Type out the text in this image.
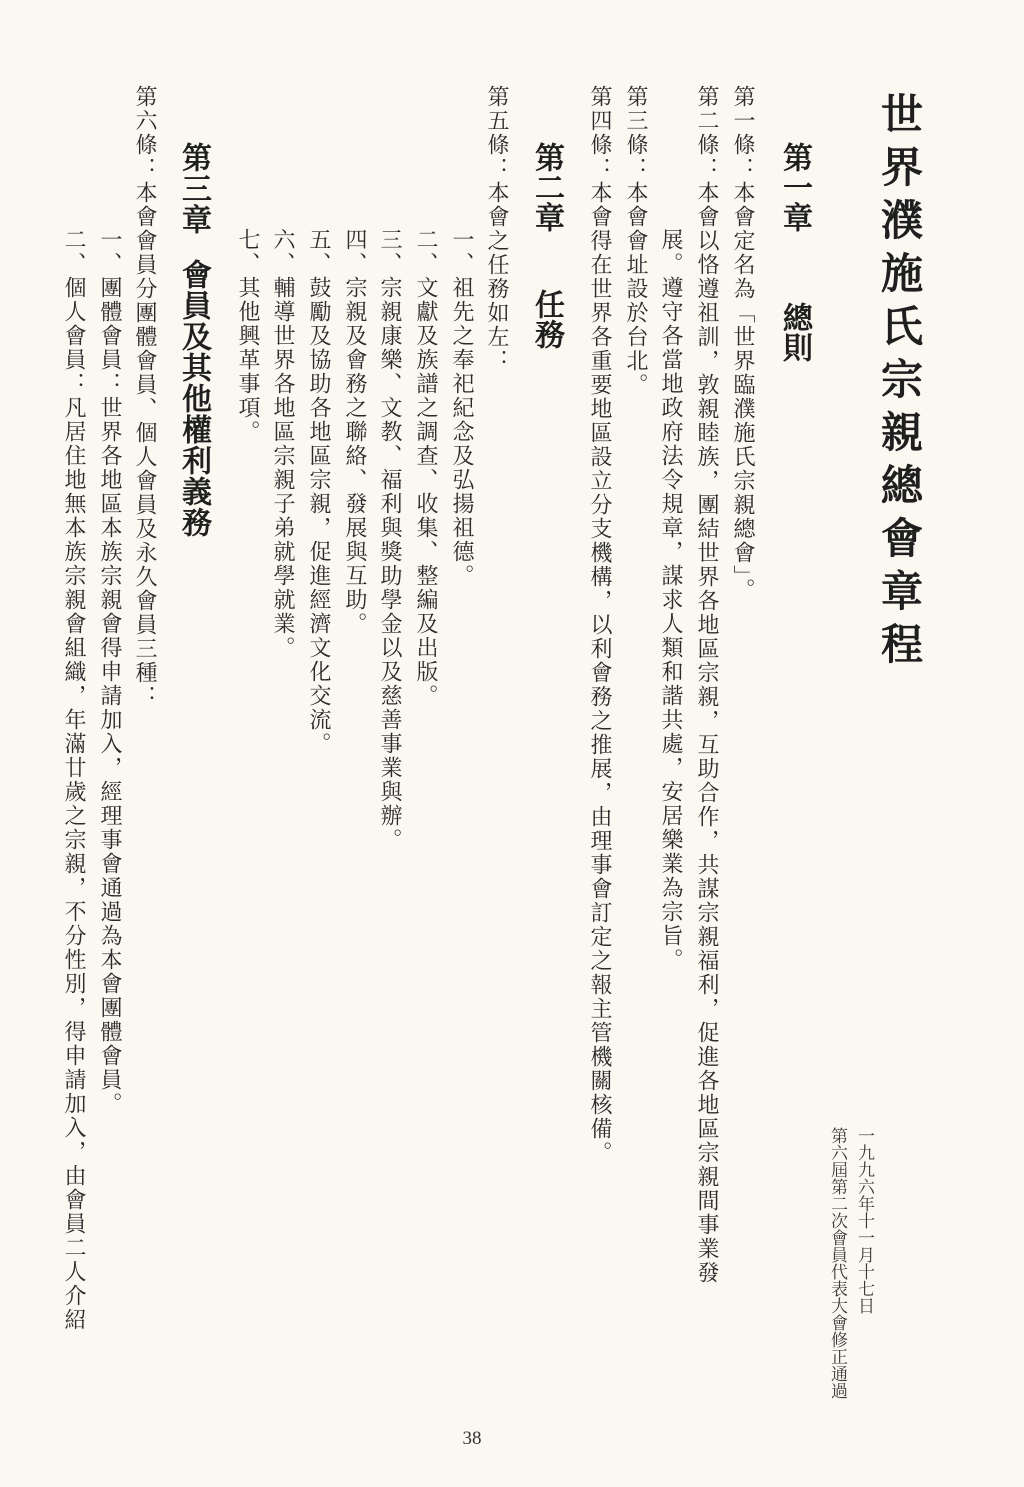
世界濮施氏宗親總會章程
一九九六年十一月十七日
第六屆第二次會員代表大會修正通過
第一章總則
第一條：本會定名為「世界臨濮施氏宗親總會」。
第二條：本會以恪遵祖訓，敦親睦族，團結世界各地區宗親，互助合作，共謀宗親福利，促進各地區宗親間事業發
展。遵守各當地政府法令規章，謀求人類和諧共處，安居樂業為宗旨。
第三條：本會會址設於台北。
第四條：本會得在世界各重要地區設立分支機構，以利會務之推展，由理事會訂定之報主管機關核備。
第二章任務
第五條：本會之任務如左：
一、祖先之奉祀紀念及弘揚祖德。
二、文獻及族譜之調查、收集、整編及出版。
三、宗親康樂、文教、福利與獎助學金以及慈善事業與辦。
四、宗親及會務之聯絡、發展與互助。
五、鼓勵及協助各地區宗親，促進經濟文化交流。
六、輔導世界各地區宗親子弟就學就業。
七、其他興革事項。
第三章會員及其他權利義務
第六條：本會會員分團體會員、個人會員及永久會員三種：
一、團體會員：世界各地區本族宗親會得申請加入，經理事會通過為本會團體會員。
二、個人會員：凡居住地無本族宗親會組織，年滿廿歲之宗親，不分性別，得申請加入，由會員二人介紹
38
